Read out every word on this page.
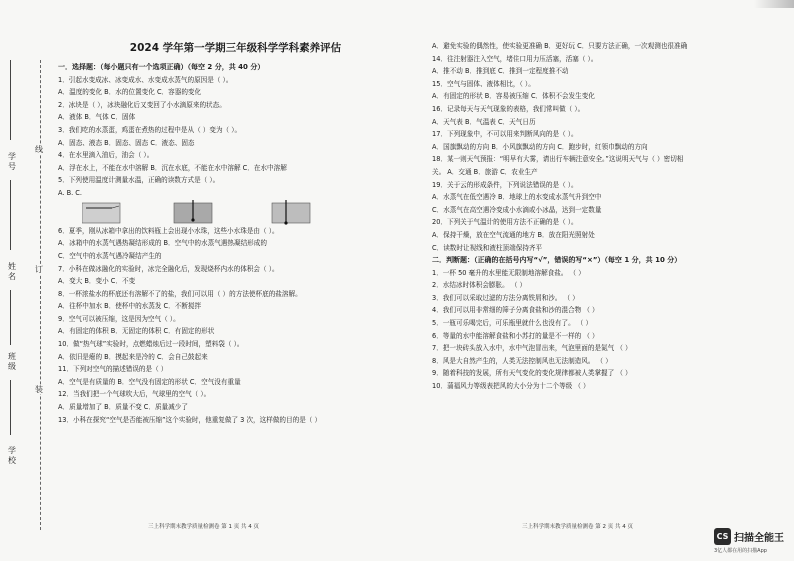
学号
姓名
班级
学校
线
订
装
2024 学年第一学期三年级科学学科素养评估
一．选择题：（每小题只有一个选项正确）（每空 2 分，共 40 分）
1．引起水变成冰、冰变成水、水变成水蒸气的原因是（ ）。
A．温度的变化 B．水的位置变化 C．容器的变化
2．冰块是（ ），冰块融化后又变回了小水滴原来的状态。
A．液体 B．气体 C．固体
3．我们吃的水蒸蛋，鸡蛋在煮热的过程中是从（ ）变为（ ）。
A．固态、液态 B．固态、固态 C．液态、固态
4．在水里滴入油后，油会（ ）。
A．浮在水上，不能在水中溶解 B．沉在水底，不能在水中溶解 C．在水中溶解
5．下列使用温度计测量水温，正确的读数方式是（ ）。
A. B. C.

6．夏季，刚从冰箱中拿出的饮料瓶上会出现小水珠，这些小水珠是由（ ）。
A．冰箱中的水蒸气遇热凝结形成的 B．空气中的水蒸气遇热凝结形成的
C．空气中的水蒸气遇冷凝结产生的
7．小科在做冰融化的实验时，冰完全融化后，发现烧杯内水的体积会（ ）。
A．变大 B．变小 C．不变
8．一杯浓盐水的杯底还有溶解不了的盐，我们可以用（ ）的方法使杯底的盐溶解。
A．往杯中加水 B．使杯中的水蒸发 C．不断搅拌
9．空气可以被压缩，这是因为空气（ ）。
A．有固定的体积 B．无固定的体积 C．有固定的形状
10．做“热气球”实验时，点燃蜡烛后过一段时间，塑料袋（ ）。
A．依旧是瘪的 B．摸起来是冷的 C．会自己鼓起来
11．下列对空气的描述错误的是（ ）
A．空气是有质量的 B．空气没有固定的形状 C．空气没有重量
12．当我们把一个气球吹大后，气球里的空气（ ）。
A．质量增加了 B．质量不变 C．质量减少了
13．小科在探究“空气是否能被压缩”这个实验时，他重复做了 3 次，这样做的目的是（ ）
三上科学期末教学质量检测卷 第 1 页 共 4 页
A．避免实验的偶然性，使实验更准确 B．更好玩 C．只要方法正确，一次观测也很准确
14．往注射器注入空气，堵住口用力压活塞，活塞（ ）。
A．推不动 B．推到底 C．推到一定程度推不动
15．空气与固体、液体相比，（ ）。
A．有固定的形状 B．容易被压缩 C．体积不会发生变化
16．记录每天与天气现象的表格，我们常叫做（ ）。
A．天气表 B．气温表 C．天气日历
17．下列现象中，不可以用来判断风向的是（ ）。
A．国旗飘动的方向 B．小风旗飘动的方向 C．跑步时，红领巾飘动的方向
18．某一则天气预报：“明早有大雾，请出行车辆注意安全。”这说明天气与（ ）密切相
关。 A．交通 B．旅游 C．农业生产
19．关于云的形成条件，下列说法错误的是（ ）。
A．水蒸气在低空遇冷 B．地球上的水变成水蒸气升到空中
C．水蒸气在高空遇冷变成小水滴或小冰晶，达到一定数量
20．下列关于气温计的使用方法不正确的是（ ）。
A．保持干燥，放在空气流通的地方 B．放在阳光照射处
C．读数时让视线和液柱顶端保持齐平
二．判断题：（正确的在括号内写“√”，错误的写“×”）（每空 1 分，共 10 分）
1．一杯 50 毫升的水里能无限制地溶解食盐。 （ ）
2．水结冰时体积会膨胀。 （ ）
3．我们可以采取过滤的方法分离铁屑和沙。 （ ）
4．我们可以用非常细的筛子分离食盐和沙的混合物 （ ）
5．一瓶可乐喝完后，可乐瓶里就什么也没有了。 （ ）
6．等量的水中能溶解食盐和小苏打的量是不一样的 （ ）
7．把一块砖头放入水中，水中气泡冒出来，气泡里面的是氮气 （ ）
8．风是大自然产生的，人类无法控制风也无法制造风。 （ ）
9．随着科技的发展，所有天气变化的变化规律都被人类掌握了 （ ）
10．蒲福风力等级表把风的大小分为十二个等级 （ ）
三上科学期末教学质量检测卷 第 2 页 共 4 页
CS 扫描全能王
3亿人都在用的扫描App
